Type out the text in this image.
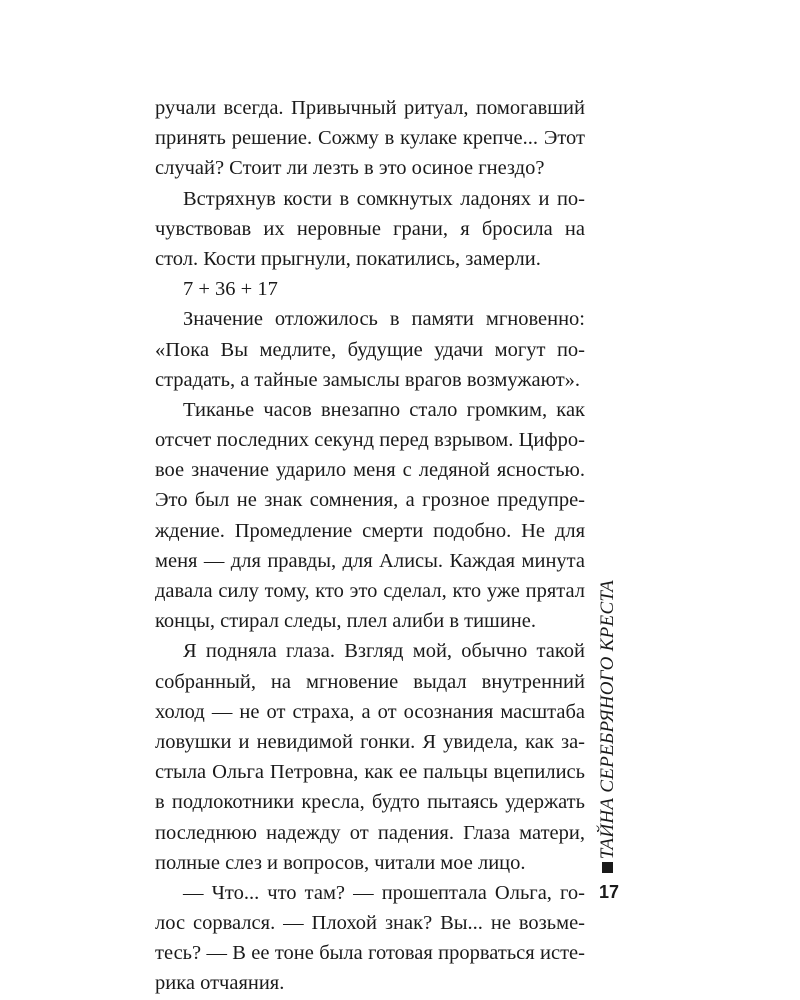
ручали всегда. Привычный ритуал, помогавший
принять решение. Сожму в кулаке крепче... Этот
случай? Стоит ли лезть в это осиное гнездо?
Встряхнув кости в сомкнутых ладонях и по-
чувствовав их неровные грани, я бросила на
стол. Кости прыгнули, покатились, замерли.
7 + 36 + 17
Значение отложилось в памяти мгновенно:
«Пока Вы медлите, будущие удачи могут по-
страдать, а тайные замыслы врагов возмужают».
Тиканье часов внезапно стало громким, как
отсчет последних секунд перед взрывом. Цифро-
вое значение ударило меня с ледяной ясностью.
Это был не знак сомнения, а грозное предупре-
ждение. Промедление смерти подобно. Не для
меня — для правды, для Алисы. Каждая минута
давала силу тому, кто это сделал, кто уже прятал
концы, стирал следы, плел алиби в тишине.
Я подняла глаза. Взгляд мой, обычно такой
собранный, на мгновение выдал внутренний
холод — не от страха, а от осознания масштаба
ловушки и невидимой гонки. Я увидела, как за-
стыла Ольга Петровна, как ее пальцы вцепились
в подлокотники кресла, будто пытаясь удержать
последнюю надежду от падения. Глаза матери,
полные слез и вопросов, читали мое лицо.
— Что... что там? — прошептала Ольга, го-
лос сорвался. — Плохой знак? Вы... не возьме-
тесь? — В ее тоне была готовая прорваться исте-
рика отчаяния.
ТАЙНА СЕРЕБРЯНОГО КРЕСТА
17
